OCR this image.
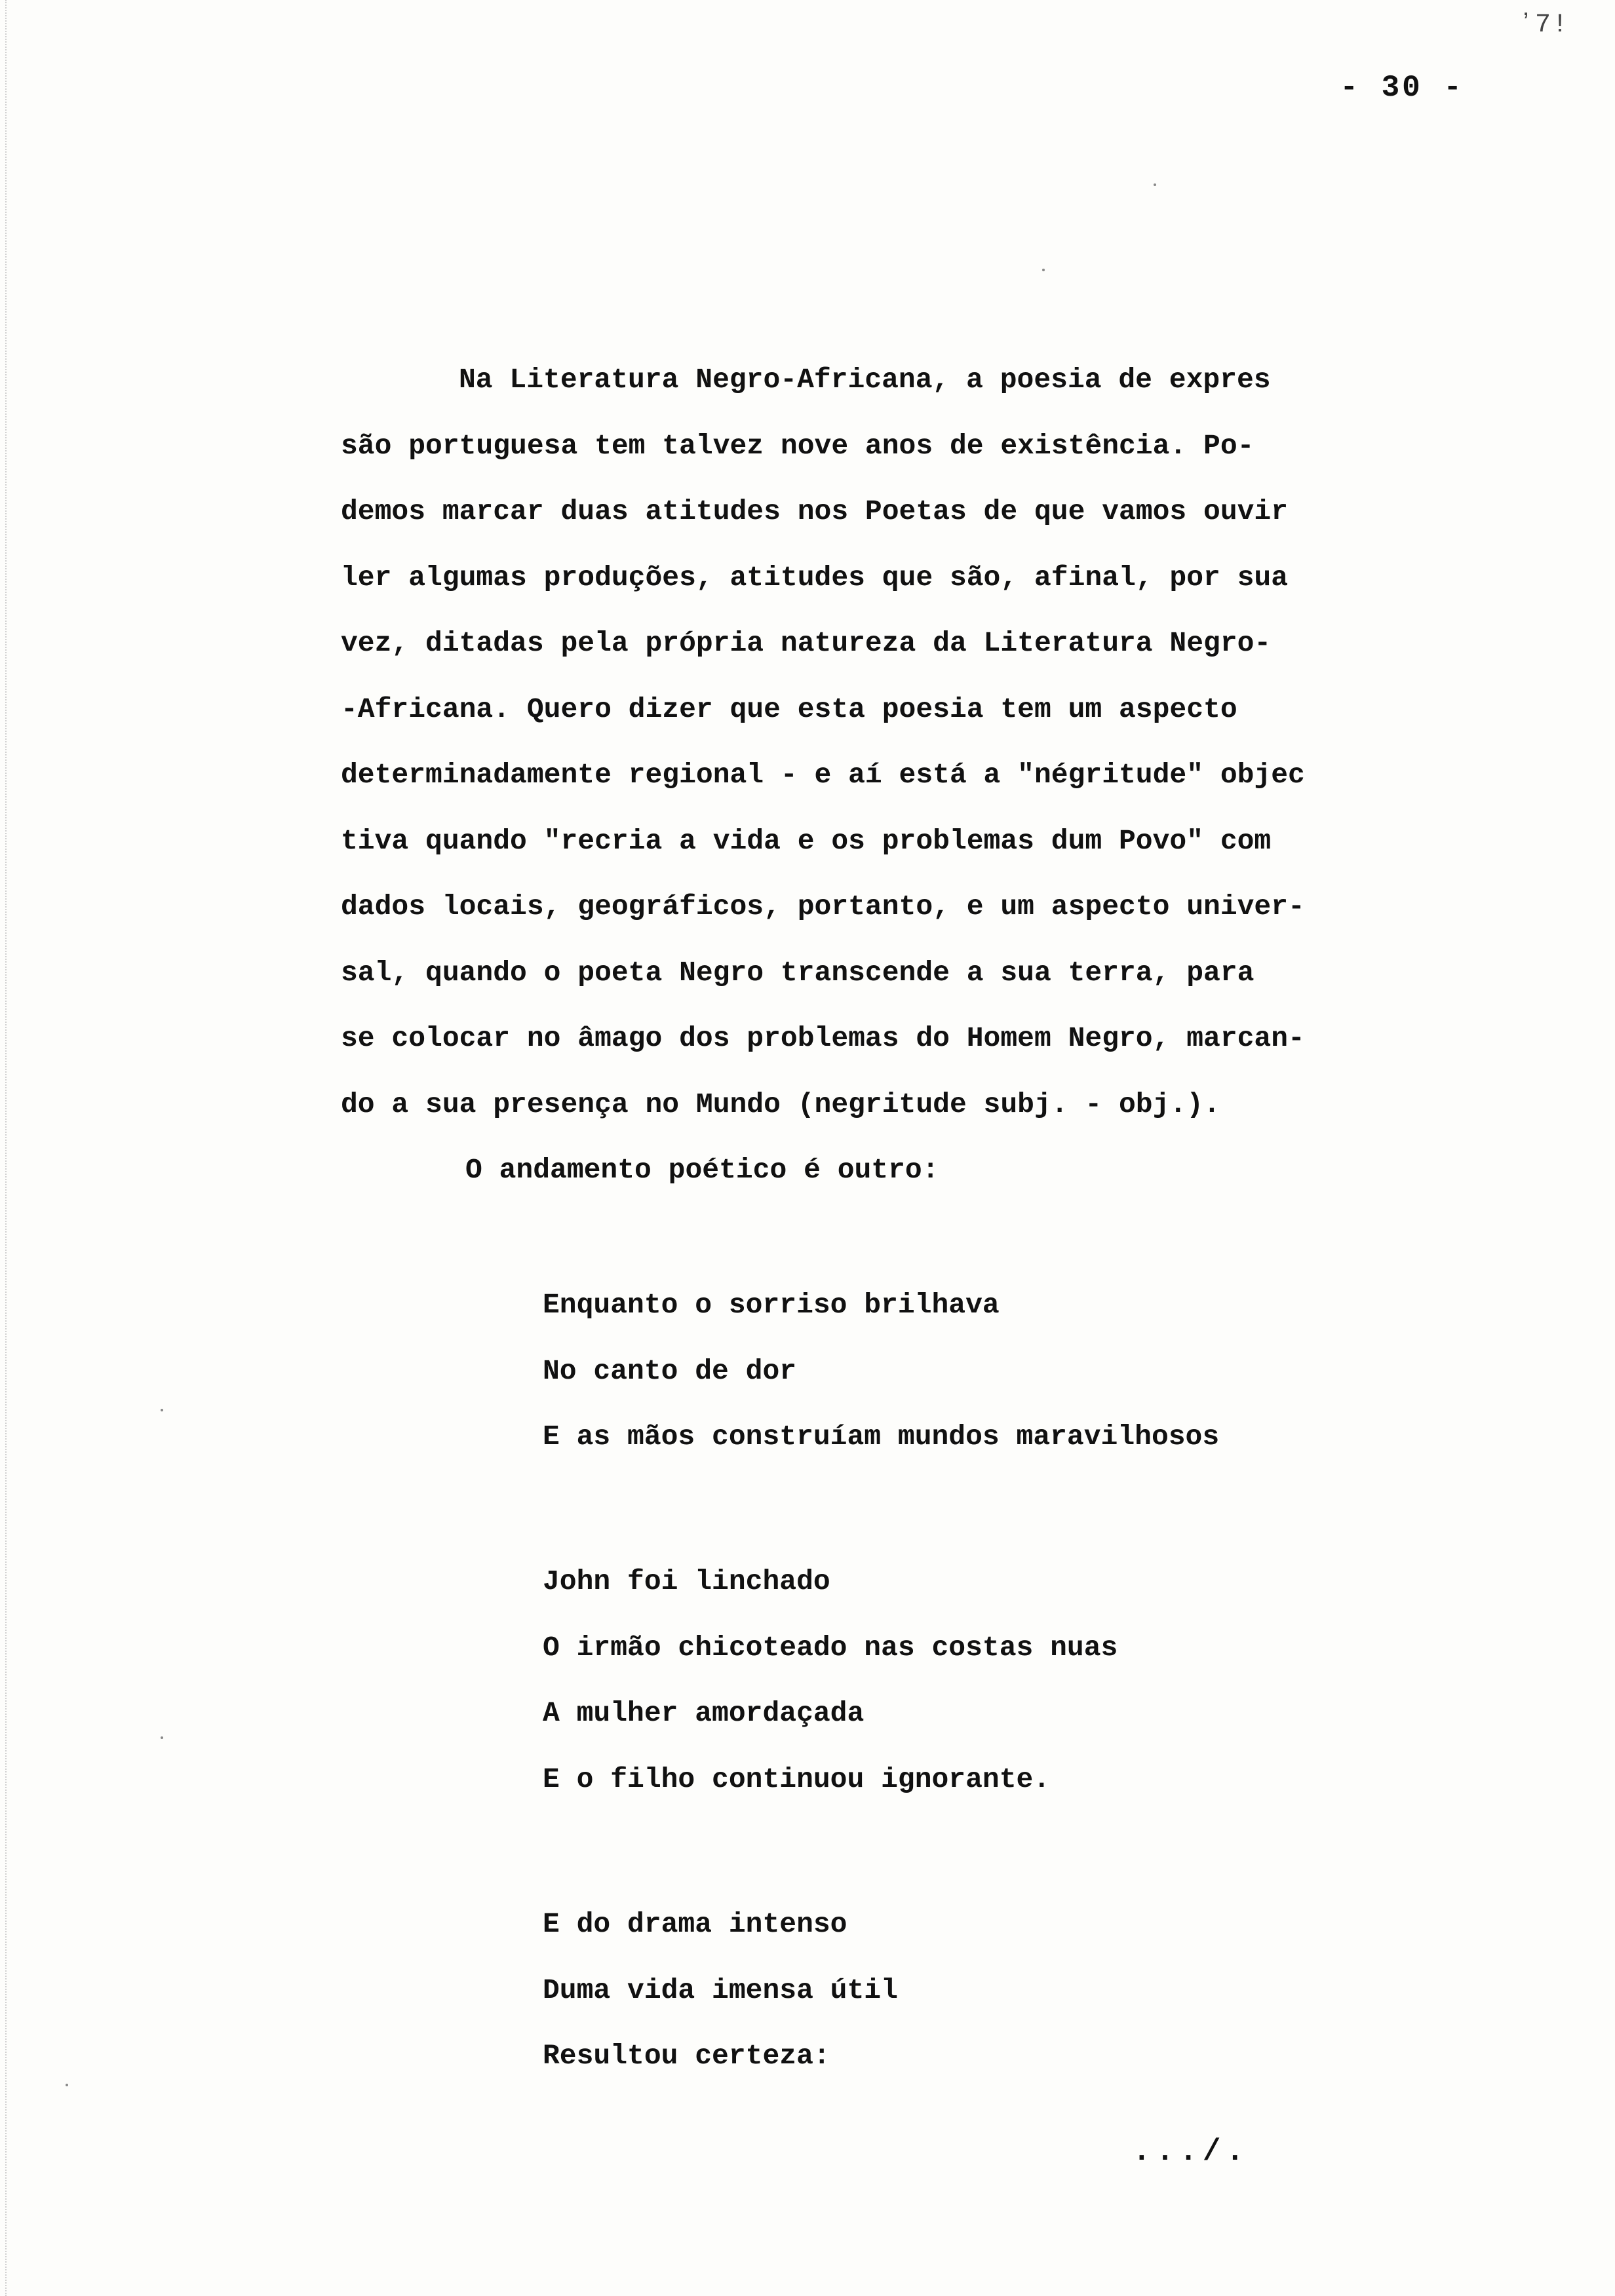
ʼ7!
- 30 -
Na Literatura Negro-Africana, a poesia de expres
são portuguesa tem talvez nove anos de existência. Po-
demos marcar duas atitudes nos Poetas de que vamos ouvir
ler algumas produções, atitudes que são, afinal, por sua
vez, ditadas pela própria natureza da Literatura Negro-
-Africana. Quero dizer que esta poesia tem um aspecto
determinadamente regional - e aí está a "négritude" objec
tiva quando "recria a vida e os problemas dum Povo" com
dados locais, geográficos, portanto, e um aspecto univer-
sal, quando o poeta Negro transcende a sua terra, para
se colocar no âmago dos problemas do Homem Negro, marcan-
do a sua presença no Mundo (negritude subj. - obj.).
O andamento poético é outro:
Enquanto o sorriso brilhava
No canto de dor
E as mãos construíam mundos maravilhosos
John foi linchado
O irmão chicoteado nas costas nuas
A mulher amordaçada
E o filho continuou ignorante.
E do drama intenso
Duma vida imensa útil
Resultou certeza:
.../.
